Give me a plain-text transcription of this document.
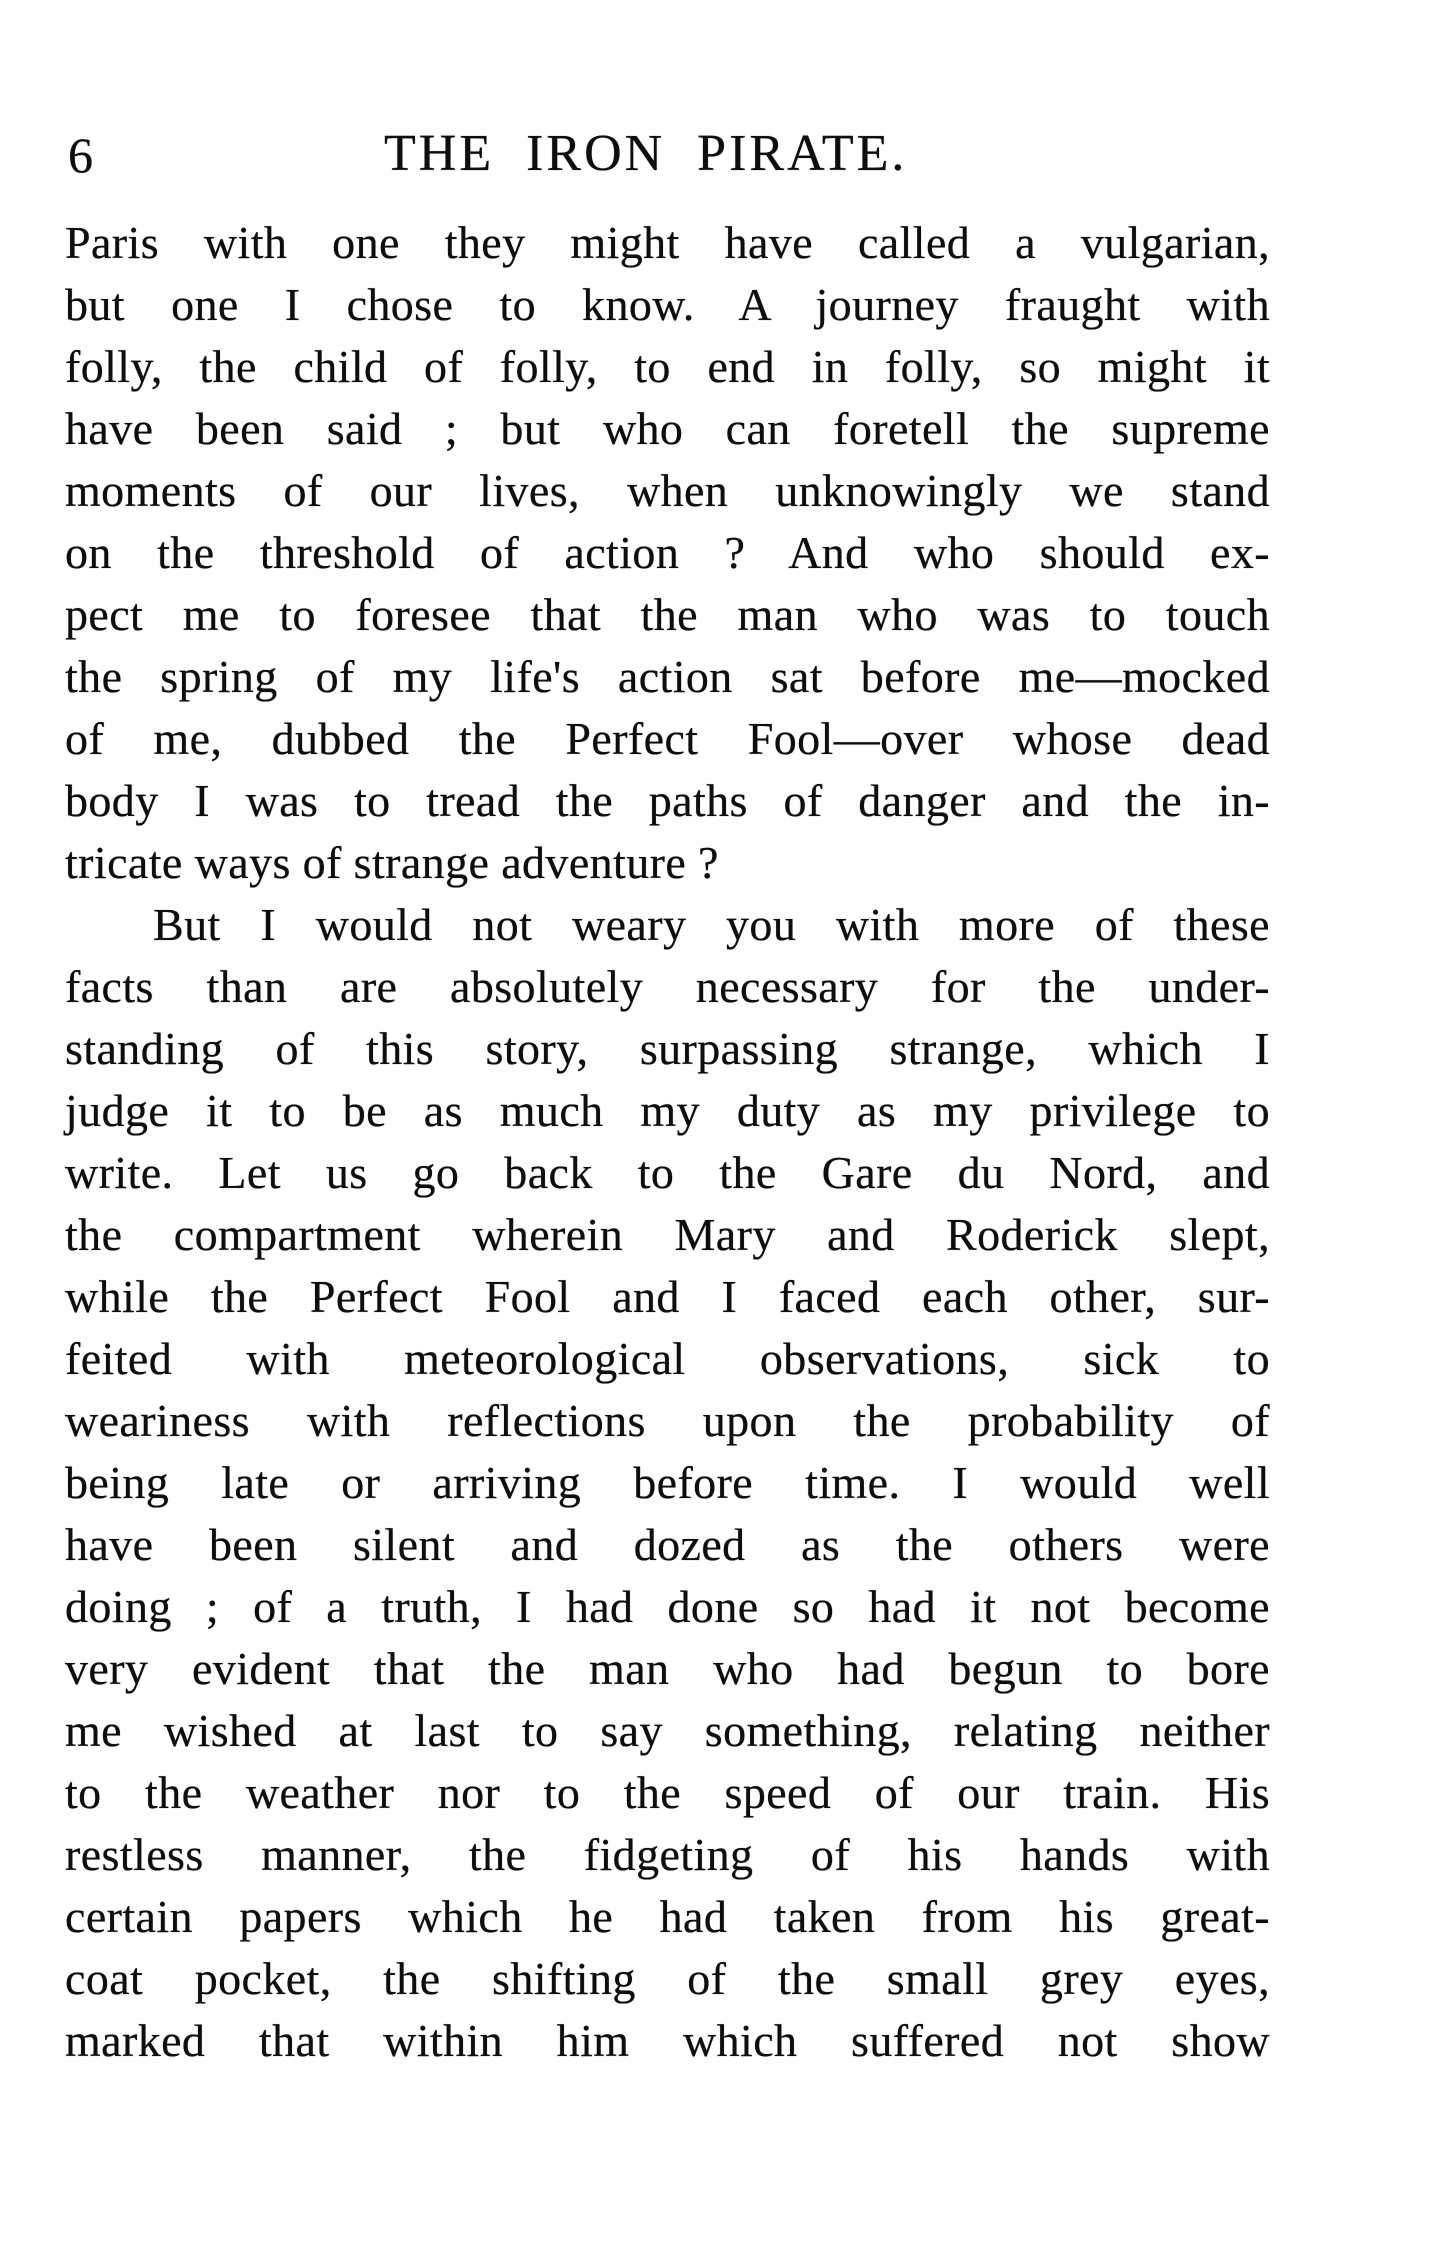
6	THE IRON PIRATE.
Paris with one they might have called a vulgarian,
but one I chose to know. A journey fraught with
folly, the child of folly, to end in folly, so might it
have been said ; but who can foretell the supreme
moments of our lives, when unknowingly we stand
on the threshold of action ? And who should ex-
pect me to foresee that the man who was to touch
the spring of my life's action sat before me—mocked
of me, dubbed the Perfect Fool—over whose dead
body I was to tread the paths of danger and the in-
tricate ways of strange adventure ?
But I would not weary you with more of these
facts than are absolutely necessary for the under-
standing of this story, surpassing strange, which I
judge it to be as much my duty as my privilege to
write. Let us go back to the Gare du Nord, and
the compartment wherein Mary and Roderick slept,
while the Perfect Fool and I faced each other, sur-
feited with meteorological observations, sick to
weariness with reflections upon the probability of
being late or arriving before time. I would well
have been silent and dozed as the others were
doing ; of a truth, I had done so had it not become
very evident that the man who had begun to bore
me wished at last to say something, relating neither
to the weather nor to the speed of our train. His
restless manner, the fidgeting of his hands with
certain papers which he had taken from his great-
coat pocket, the shifting of the small grey eyes,
marked that within him which suffered not show
